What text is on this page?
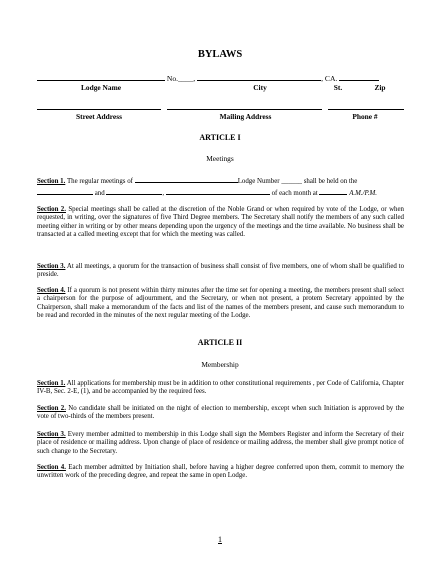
BYLAWS
No.____,	, CA.
Lodge Name	City	St.	Zip

Street Address	Mailing Address	Phone #
ARTICLE I
Meetings
Section 1. The regular meetings of	Lodge Number ______ shall be held on the
and	,	of each month at	A.M./P.M.
Section 2. Special meetings shall be called at the discretion of the Noble Grand or when required by vote of the Lodge, or when requested, in writing, over the signatures of five Third Degree members. The Secretary shall notify the members of any such called meeting either in writing or by other means depending upon the urgency of the meetings and the time available. No business shall be transacted at a called meeting except that for which the meeting was called.
Section 3. At all meetings, a quorum for the transaction of business shall consist of five members, one of whom shall be qualified to preside.
Section 4. If a quorum is not present within thirty minutes after the time set for opening a meeting, the members present shall select a chairperson for the purpose of adjournment, and the Secretary, or when not present, a protem Secretary appointed by the Chairperson, shall make a memorandum of the facts and list of the names of the members present, and cause such memorandum to be read and recorded in the minutes of the next regular meeting of the Lodge.
ARTICLE II
Membership
Section 1. All applications for membership must be in addition to other constitutional requirements , per Code of California, Chapter IV-B, Sec. 2-E, (1), and be accompanied by the required fees.
Section 2. No candidate shall be initiated on the night of election to membership, except when such Initiation is approved by the vote of two-thirds of the members present.
Section 3. Every member admitted to membership in this Lodge shall sign the Members Register and inform the Secretary of their place of residence or mailing address. Upon change of place of residence or mailing address, the member shall give prompt notice of such change to the Secretary.
Section 4. Each member admitted by Initiation shall, before having a higher degree conferred upon them, commit to memory the unwritten work of the preceding degree, and repeat the same in open Lodge.
1
